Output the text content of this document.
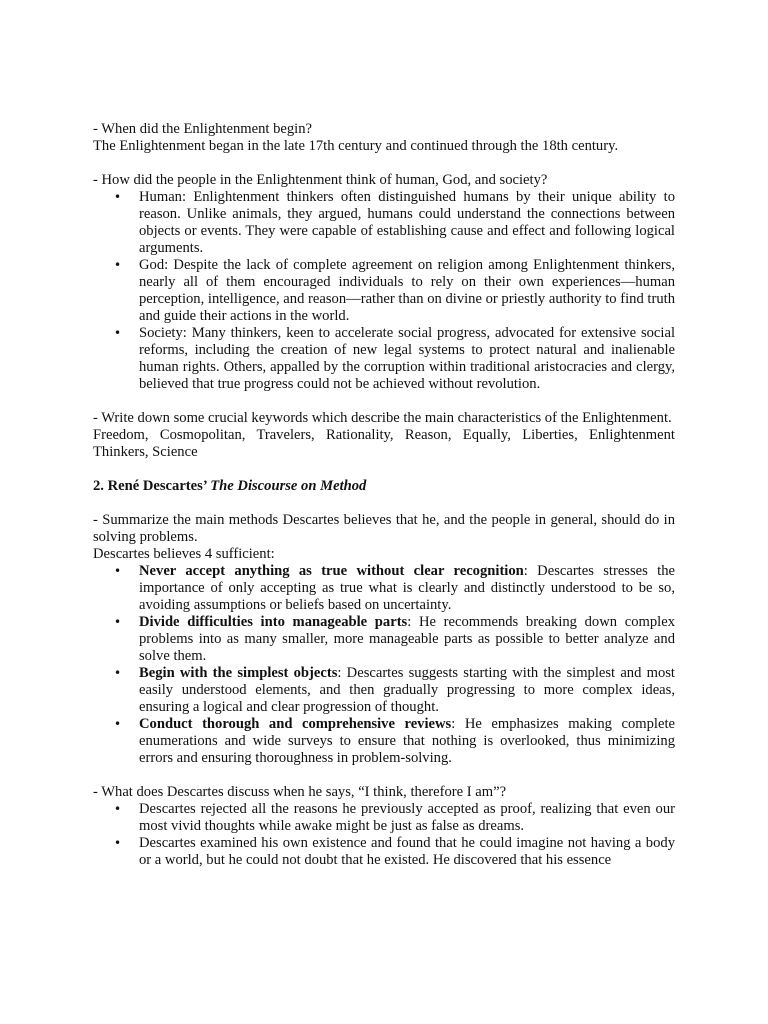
- When did the Enlightenment begin?

The Enlightenment began in the late 17th century and continued through the 18th century.

- How did the people in the Enlightenment think of human, God, and society?

• Human: Enlightenment thinkers often distinguished humans by their unique ability to reason. Unlike animals, they argued, humans could understand the connections between objects or events. They were capable of establishing cause and effect and following logical arguments.
• God: Despite the lack of complete agreement on religion among Enlightenment thinkers, nearly all of them encouraged individuals to rely on their own experiences—human perception, intelligence, and reason—rather than on divine or priestly authority to find truth and guide their actions in the world.
• Society: Many thinkers, keen to accelerate social progress, advocated for extensive social reforms, including the creation of new legal systems to protect natural and inalienable human rights. Others, appalled by the corruption within traditional aristocracies and clergy, believed that true progress could not be achieved without revolution.

- Write down some crucial keywords which describe the main characteristics of the Enlightenment.

Freedom, Cosmopolitan, Travelers, Rationality, Reason, Equally, Liberties, Enlightenment Thinkers, Science

2. René Descartes’ The Discourse on Method

- Summarize the main methods Descartes believes that he, and the people in general, should do in solving problems.

Descartes believes 4 sufficient:

• Never accept anything as true without clear recognition: Descartes stresses the importance of only accepting as true what is clearly and distinctly understood to be so, avoiding assumptions or beliefs based on uncertainty.
• Divide difficulties into manageable parts: He recommends breaking down complex problems into as many smaller, more manageable parts as possible to better analyze and solve them.
• Begin with the simplest objects: Descartes suggests starting with the simplest and most easily understood elements, and then gradually progressing to more complex ideas, ensuring a logical and clear progression of thought.
• Conduct thorough and comprehensive reviews: He emphasizes making complete enumerations and wide surveys to ensure that nothing is overlooked, thus minimizing errors and ensuring thoroughness in problem-solving.

- What does Descartes discuss when he says, “I think, therefore I am”?

• Descartes rejected all the reasons he previously accepted as proof, realizing that even our most vivid thoughts while awake might be just as false as dreams.
• Descartes examined his own existence and found that he could imagine not having a body or a world, but he could not doubt that he existed. He discovered that his essence
